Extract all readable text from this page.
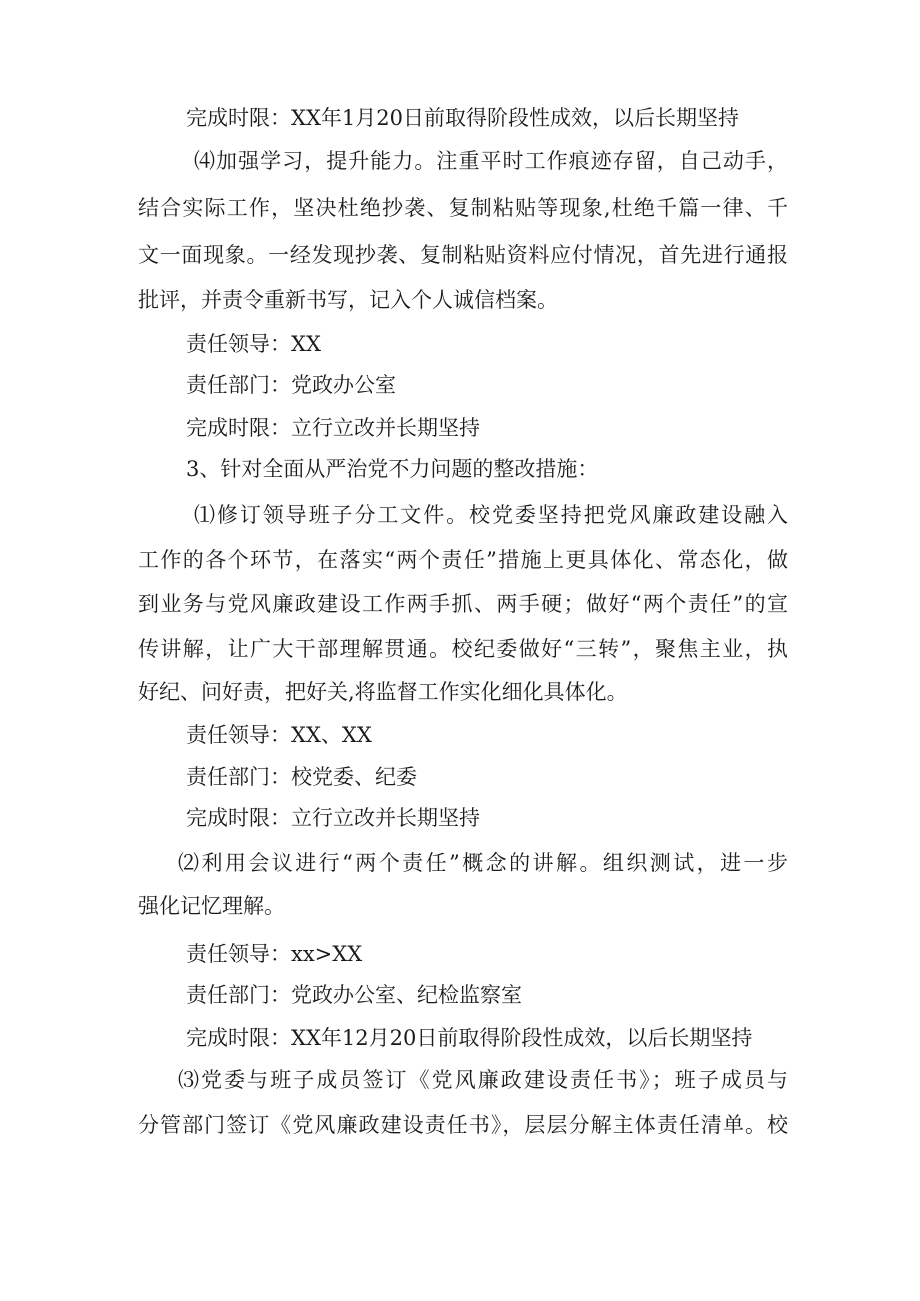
完成时限：XX年1月20日前取得阶段性成效，以后长期坚持
⑷加强学习，提升能力。注重平时工作痕迹存留，自己动手，
结合实际工作，坚决杜绝抄袭、复制粘贴等现象,杜绝千篇一律、千
文一面现象。一经发现抄袭、复制粘贴资料应付情况，首先进行通报
批评，并责令重新书写，记入个人诚信档案。
责任领导：XX
责任部门：党政办公室
完成时限：立行立改并长期坚持
3、针对全面从严治党不力问题的整改措施：
⑴修订领导班子分工文件。校党委坚持把党风廉政建设融入
工作的各个环节，在落实“两个责任”措施上更具体化、常态化，做
到业务与党风廉政建设工作两手抓、两手硬；做好“两个责任”的宣
传讲解，让广大干部理解贯通。校纪委做好“三转”，聚焦主业，执
好纪、问好责，把好关,将监督工作实化细化具体化。
责任领导：XX、XX
责任部门：校党委、纪委
完成时限：立行立改并长期坚持
⑵利用会议进行“两个责任”概念的讲解。组织测试，进一步
强化记忆理解。
责任领导：xx>XX
责任部门：党政办公室、纪检监察室
完成时限：XX年12月20日前取得阶段性成效，以后长期坚持
⑶党委与班子成员签订《党风廉政建设责任书》；班子成员与
分管部门签订《党风廉政建设责任书》，层层分解主体责任清单。校
